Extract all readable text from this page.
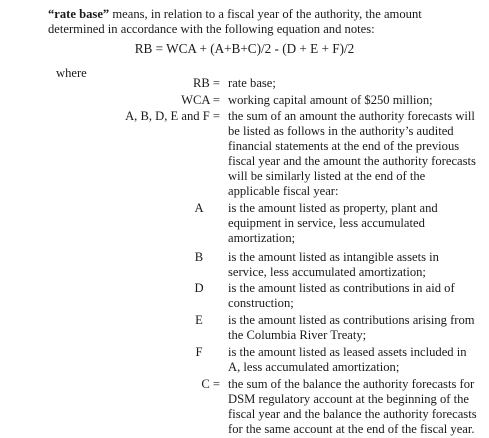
“rate base” means, in relation to a fiscal year of the authority, the amount
determined in accordance with the following equation and notes:
RB = WCA + (A+B+C)/2 - (D + E + F)/2
where
RB = rate base;
WCA = working capital amount of $250 million;
A, B, D, E and F = the sum of an amount the authority forecasts will be listed as follows in the authority’s audited financial statements at the end of the previous fiscal year and the amount the authority forecasts will be similarly listed at the end of the applicable fiscal year:
A	is the amount listed as property, plant and equipment in service, less accumulated amortization;
B	is the amount listed as intangible assets in service, less accumulated amortization;
D	is the amount listed as contributions in aid of construction;
E	is the amount listed as contributions arising from the Columbia River Treaty;
F	is the amount listed as leased assets included in A, less accumulated amortization;
C = the sum of the balance the authority forecasts for DSM regulatory account at the beginning of the fiscal year and the balance the authority forecasts for the same account at the end of the fiscal year.
